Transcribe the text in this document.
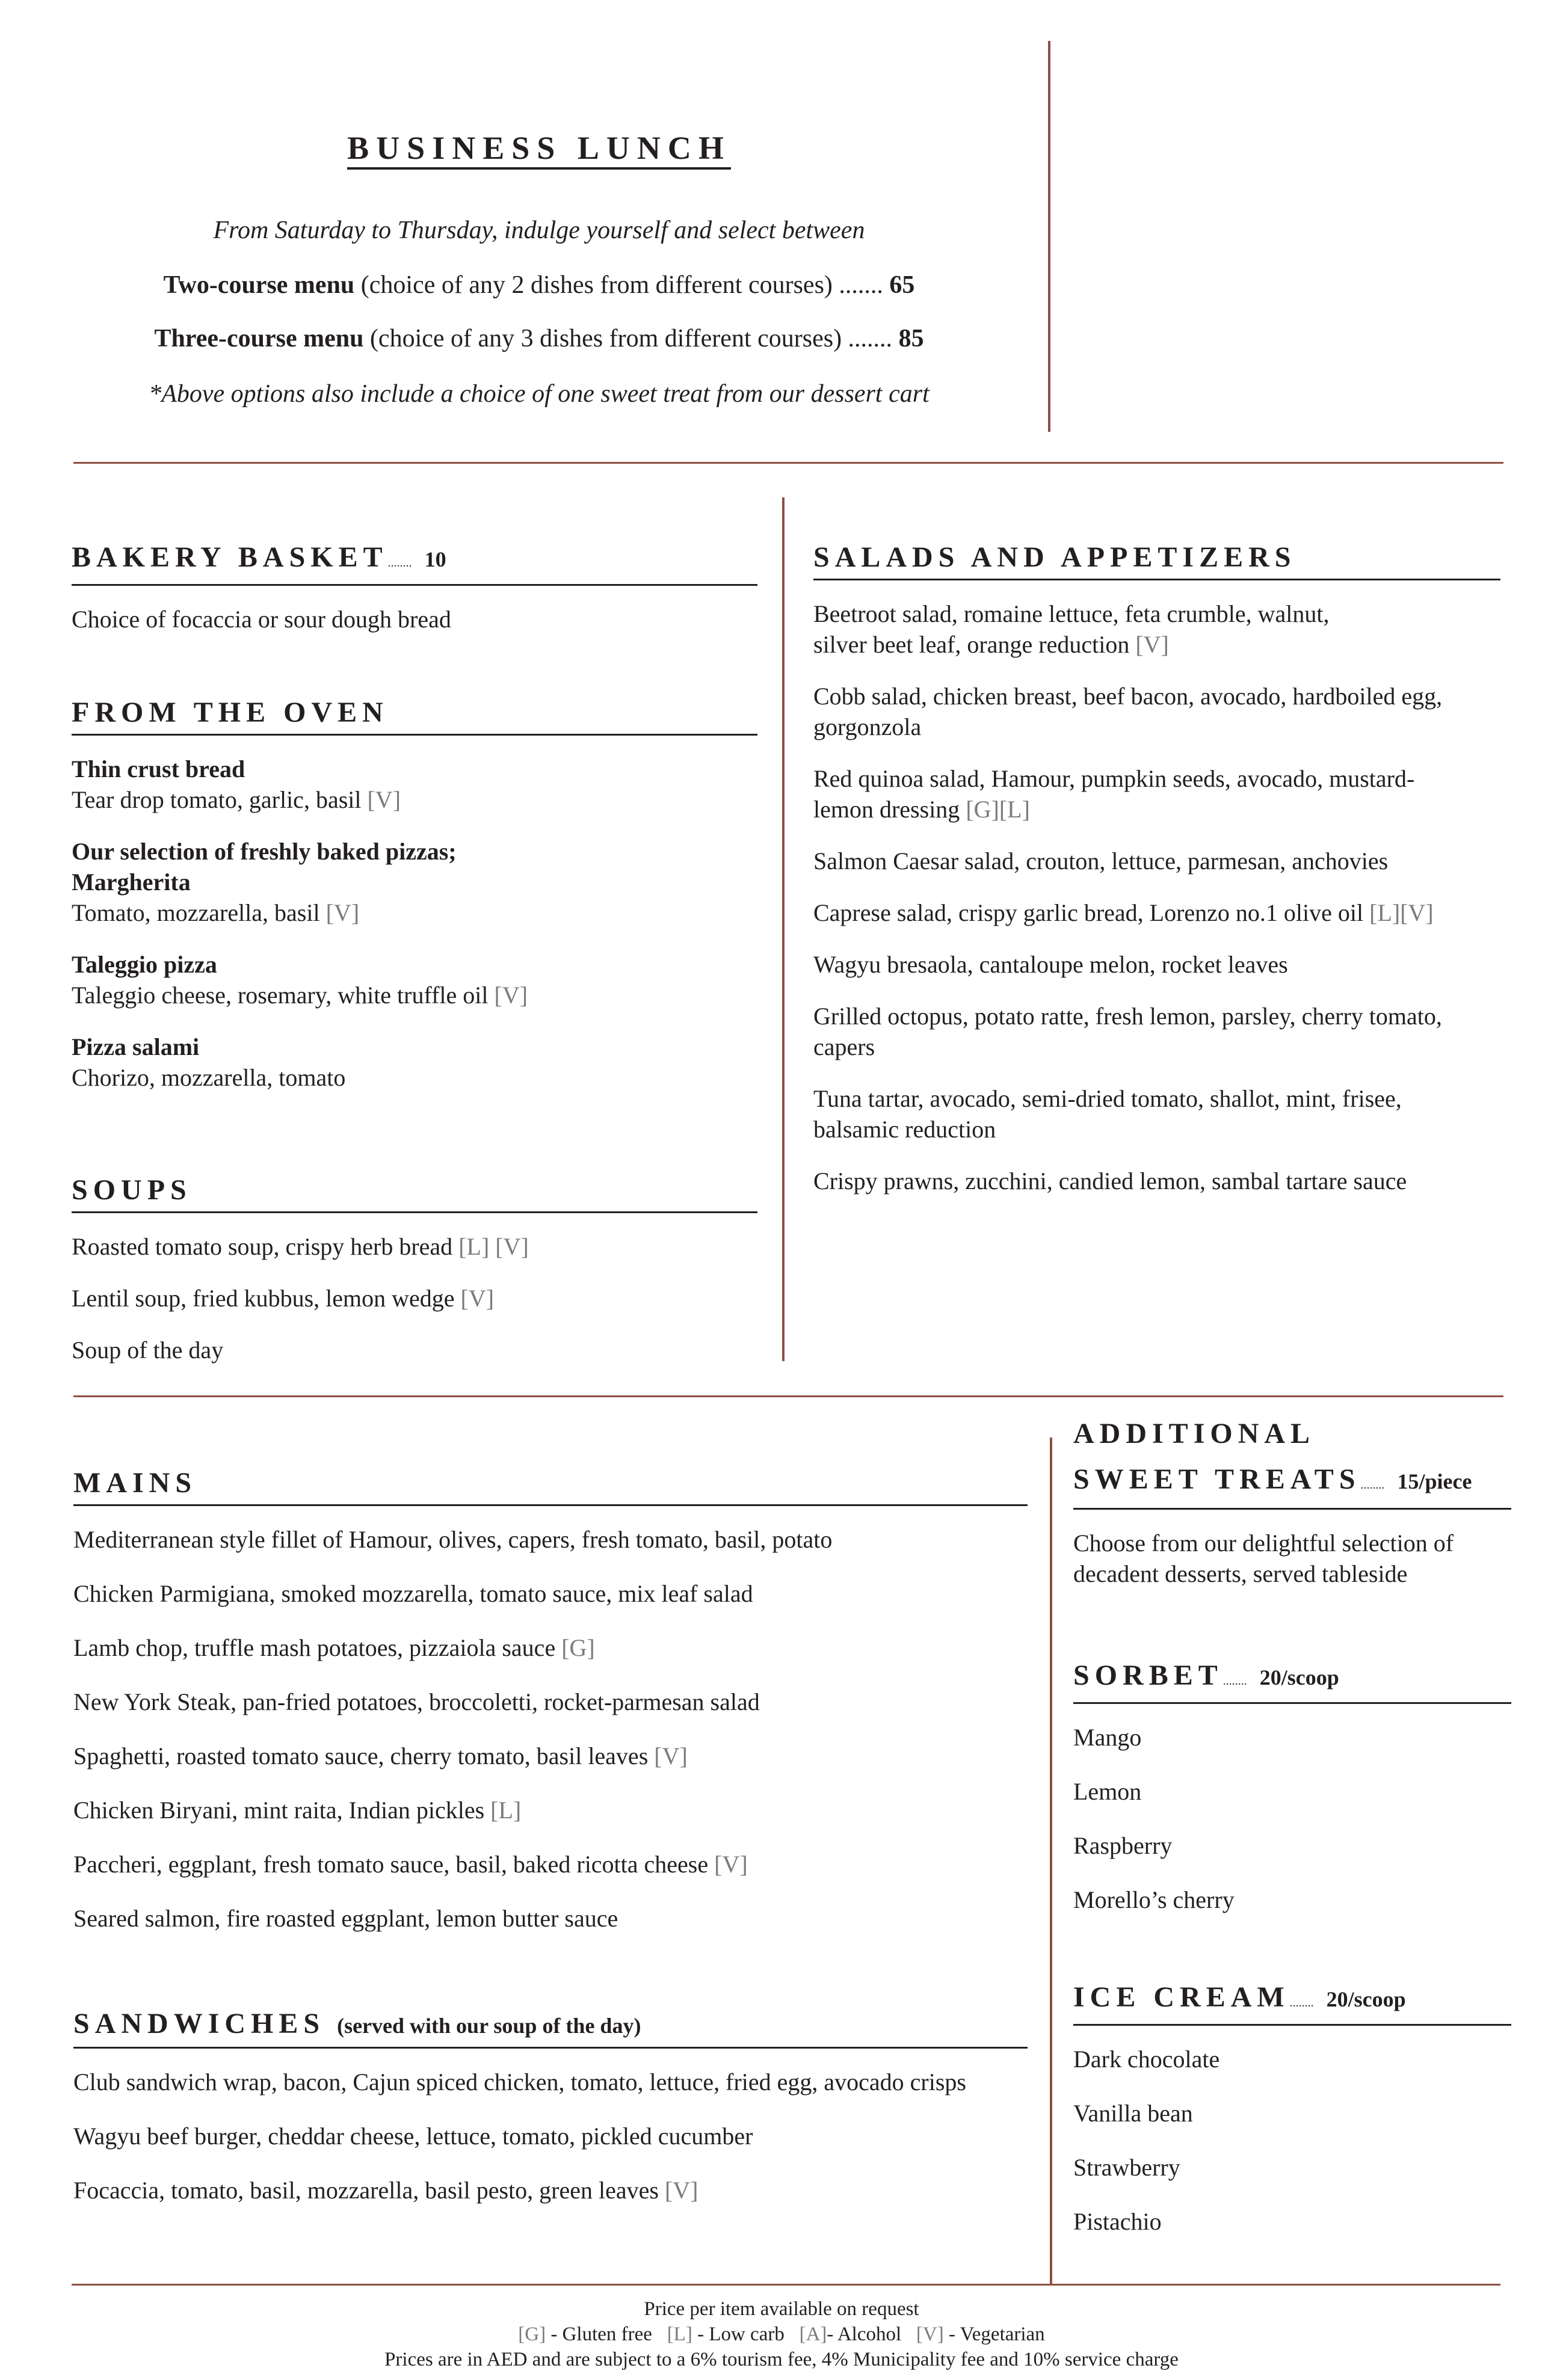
BUSINESS LUNCH
From Saturday to Thursday, indulge yourself and select between
Two-course menu (choice of any 2 dishes from different courses) ....... 65
Three-course menu (choice of any 3 dishes from different courses) ....... 85
*Above options also include a choice of one sweet treat from our dessert cart
BAKERY BASKET........ 10
Choice of focaccia or sour dough bread
FROM THE OVEN
Thin crust bread
Tear drop tomato, garlic, basil [V]
Our selection of freshly baked pizzas;
Margherita
Tomato, mozzarella, basil [V]
Taleggio pizza
Taleggio cheese, rosemary, white truffle oil [V]
Pizza salami
Chorizo, mozzarella, tomato
SOUPS
Roasted tomato soup, crispy herb bread [L] [V]
Lentil soup, fried kubbus, lemon wedge [V]
Soup of the day
SALADS AND APPETIZERS
Beetroot salad, romaine lettuce, feta crumble, walnut,
silver beet leaf, orange reduction [V]
Cobb salad, chicken breast, beef bacon, avocado, hardboiled egg,
gorgonzola
Red quinoa salad, Hamour, pumpkin seeds, avocado, mustard-
lemon dressing [G][L]
Salmon Caesar salad, crouton, lettuce, parmesan, anchovies
Caprese salad, crispy garlic bread, Lorenzo no.1 olive oil [L][V]
Wagyu bresaola, cantaloupe melon, rocket leaves
Grilled octopus, potato ratte, fresh lemon, parsley, cherry tomato,
capers
Tuna tartar, avocado, semi-dried tomato, shallot, mint, frisee,
balsamic reduction
Crispy prawns, zucchini, candied lemon, sambal tartare sauce
MAINS
Mediterranean style fillet of Hamour, olives, capers, fresh tomato, basil, potato
Chicken Parmigiana, smoked mozzarella, tomato sauce, mix leaf salad
Lamb chop, truffle mash potatoes, pizzaiola sauce [G]
New York Steak, pan-fried potatoes, broccoletti, rocket-parmesan salad
Spaghetti, roasted tomato sauce, cherry tomato, basil leaves [V]
Chicken Biryani, mint raita, Indian pickles [L]
Paccheri, eggplant, fresh tomato sauce, basil, baked ricotta cheese [V]
Seared salmon, fire roasted eggplant, lemon butter sauce
SANDWICHES (served with our soup of the day)
Club sandwich wrap, bacon, Cajun spiced chicken, tomato, lettuce, fried egg, avocado crisps
Wagyu beef burger, cheddar cheese, lettuce, tomato, pickled cucumber
Focaccia, tomato, basil, mozzarella, basil pesto, green leaves [V]
ADDITIONAL
SWEET TREATS........ 15/piece
Choose from our delightful selection of
decadent desserts, served tableside
SORBET........ 20/scoop
Mango
Lemon
Raspberry
Morello’s cherry
ICE CREAM........ 20/scoop
Dark chocolate
Vanilla bean
Strawberry
Pistachio
Price per item available on request
[G] - Gluten free   [L] - Low carb   [A]- Alcohol   [V] - Vegetarian
Prices are in AED and are subject to a 6% tourism fee, 4% Municipality fee and 10% service charge
